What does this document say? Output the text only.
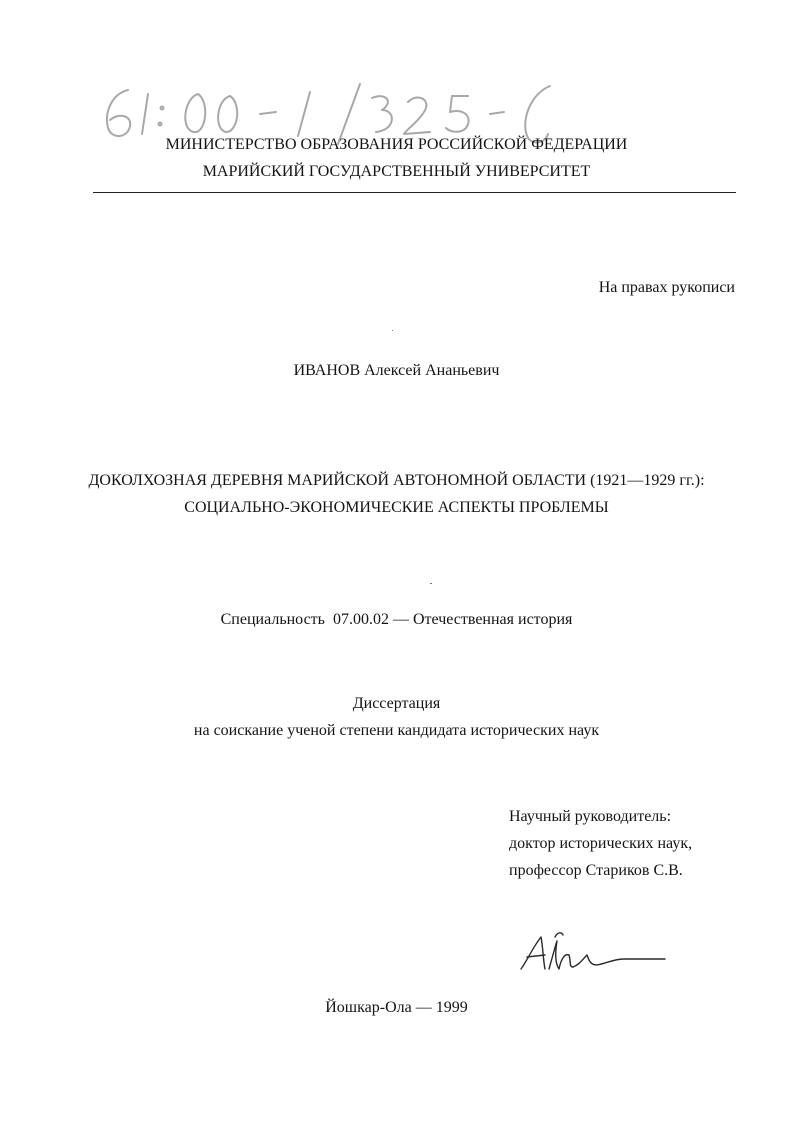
МИНИСТЕРСТВО ОБРАЗОВАНИЯ РОССИЙСКОЙ ФЕДЕРАЦИИ
МАРИЙСКИЙ ГОСУДАРСТВЕННЫЙ УНИВЕРСИТЕТ
На правах рукописи
ИВАНОВ Алексей Ананьевич
ДОКОЛХОЗНАЯ ДЕРЕВНЯ МАРИЙСКОЙ АВТОНОМНОЙ ОБЛАСТИ (1921—1929 гг.):
СОЦИАЛЬНО-ЭКОНОМИЧЕСКИЕ АСПЕКТЫ ПРОБЛЕМЫ
Специальность  07.00.02 — Отечественная история
Диссертация
на соискание ученой степени кандидата исторических наук
Научный руководитель:
доктор исторических наук,
профессор Стариков С.В.
Йошкар-Ола — 1999
